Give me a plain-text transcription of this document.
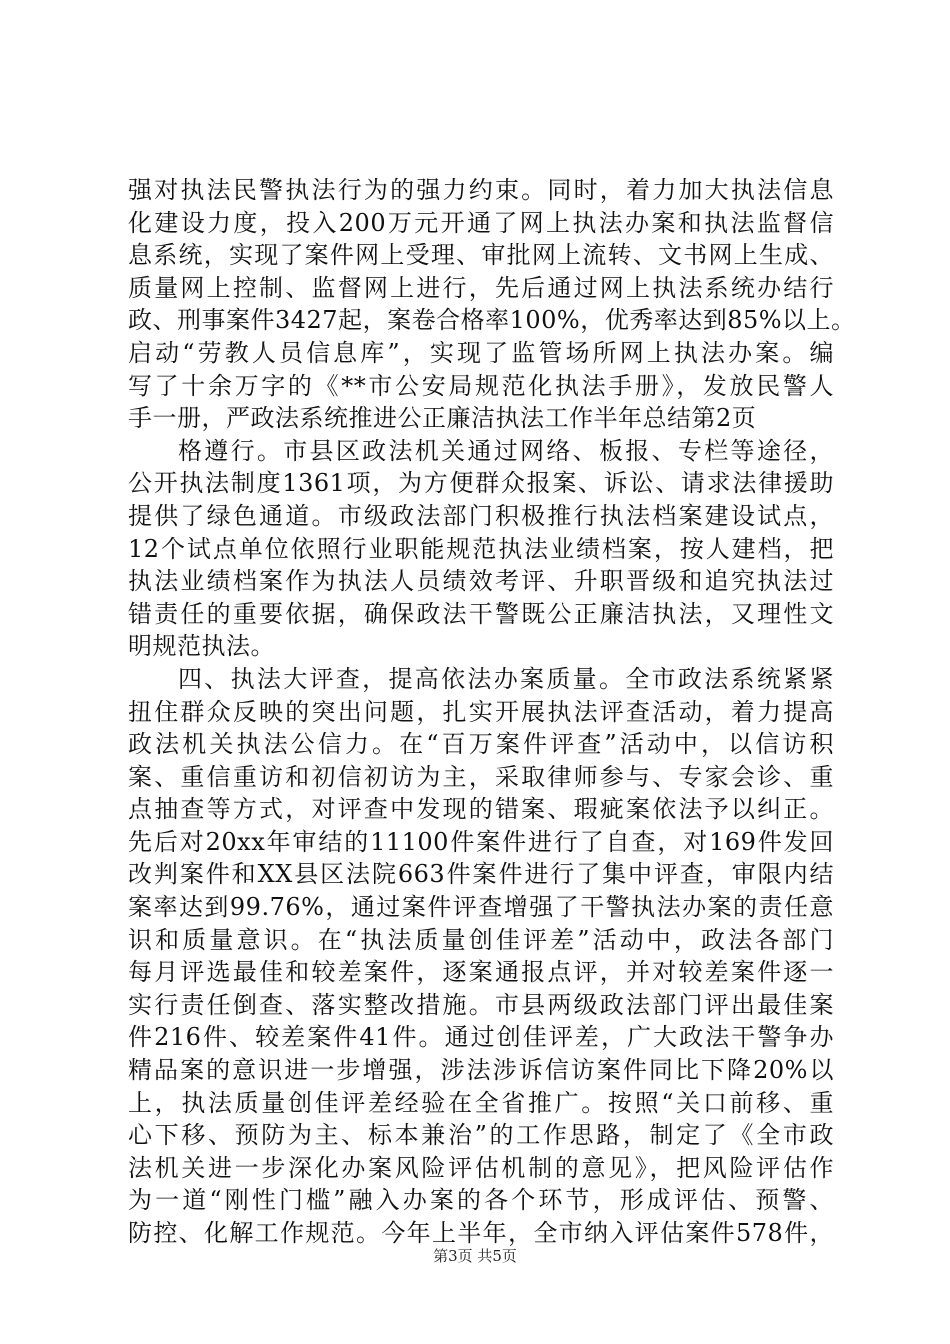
强对执法民警执法行为的强力约束。同时，着力加大执法信息
化建设力度，投入200万元开通了网上执法办案和执法监督信
息系统，实现了案件网上受理、审批网上流转、文书网上生成、
质量网上控制、监督网上进行，先后通过网上执法系统办结行
政、刑事案件3427起，案卷合格率100%，优秀率达到85%以上。
启动“劳教人员信息库”，实现了监管场所网上执法办案。编
写了十余万字的《**市公安局规范化执法手册》，发放民警人
手一册，严政法系统推进公正廉洁执法工作半年总结第2页
格遵行。市县区政法机关通过网络、板报、专栏等途径，
公开执法制度1361项，为方便群众报案、诉讼、请求法律援助
提供了绿色通道。市级政法部门积极推行执法档案建设试点，
12个试点单位依照行业职能规范执法业绩档案，按人建档，把
执法业绩档案作为执法人员绩效考评、升职晋级和追究执法过
错责任的重要依据，确保政法干警既公正廉洁执法，又理性文
明规范执法。
四、执法大评查，提高依法办案质量。全市政法系统紧紧
扭住群众反映的突出问题，扎实开展执法评查活动，着力提高
政法机关执法公信力。在“百万案件评查”活动中，以信访积
案、重信重访和初信初访为主，采取律师参与、专家会诊、重
点抽查等方式，对评查中发现的错案、瑕疵案依法予以纠正。
先后对20xx年审结的11100件案件进行了自查，对169件发回
改判案件和XX县区法院663件案件进行了集中评查，审限内结
案率达到99.76%，通过案件评查增强了干警执法办案的责任意
识和质量意识。在“执法质量创佳评差”活动中，政法各部门
每月评选最佳和较差案件，逐案通报点评，并对较差案件逐一
实行责任倒查、落实整改措施。市县两级政法部门评出最佳案
件216件、较差案件41件。通过创佳评差，广大政法干警争办
精品案的意识进一步增强，涉法涉诉信访案件同比下降20%以
上，执法质量创佳评差经验在全省推广。按照“关口前移、重
心下移、预防为主、标本兼治”的工作思路，制定了《全市政
法机关进一步深化办案风险评估机制的意见》，把风险评估作
为一道“刚性门槛”融入办案的各个环节，形成评估、预警、
防控、化解工作规范。今年上半年，全市纳入评估案件578件，
第3页 共5页
